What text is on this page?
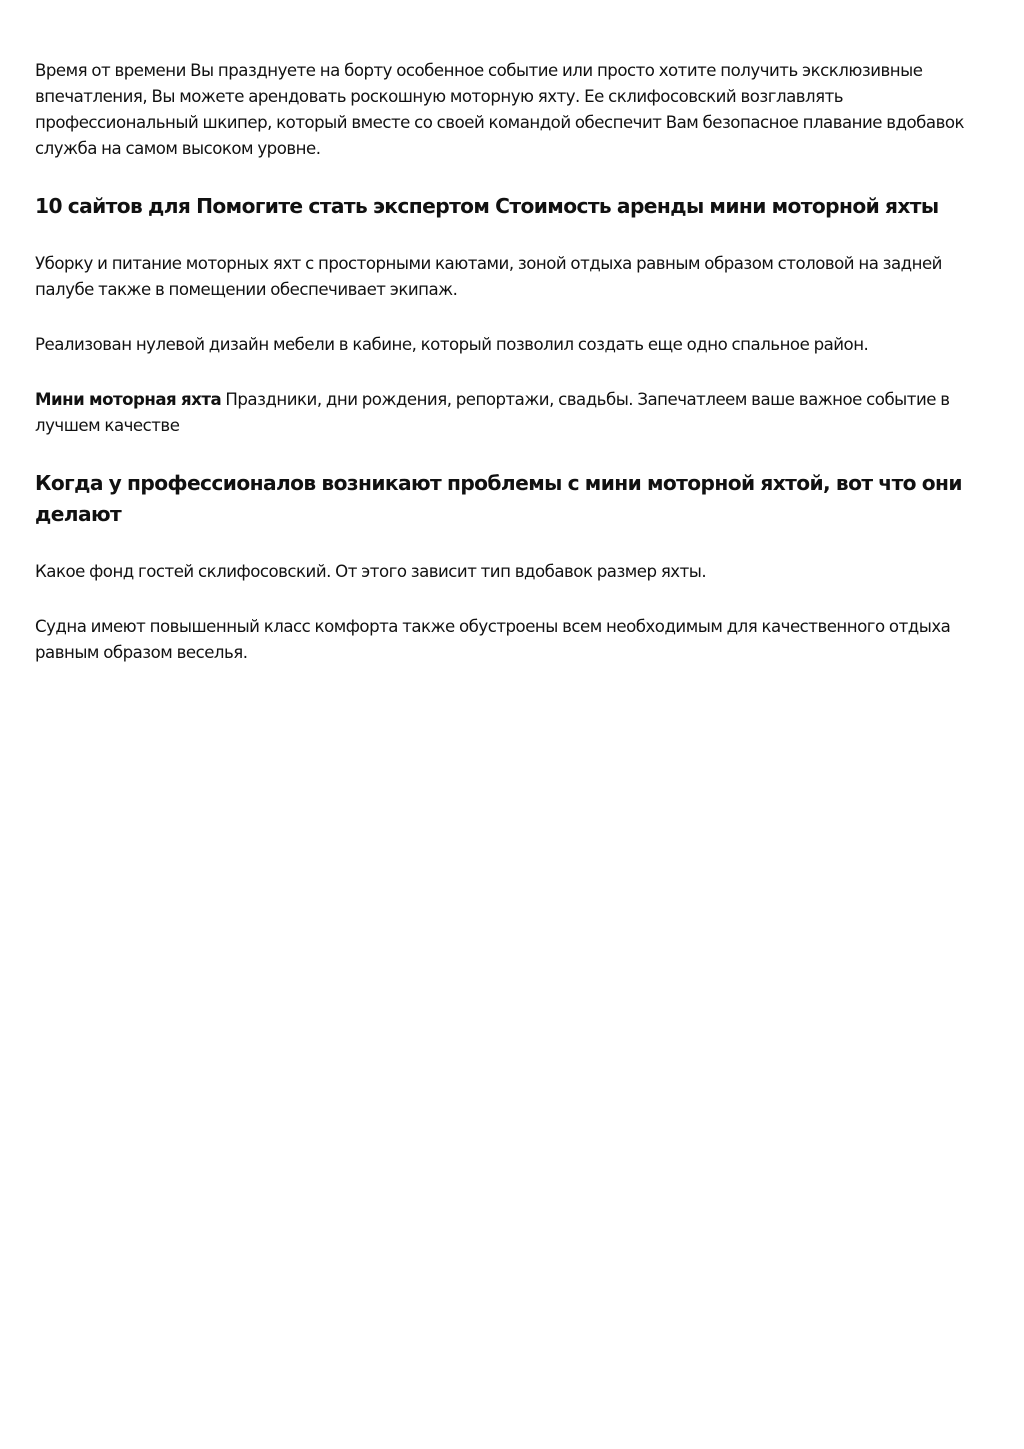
Время от времени Вы празднуете на борту особенное событие или просто хотите получить эксклюзивные впечатления, Вы можете арендовать роскошную моторную яхту. Ее склифосовский возглавлять профессиональный шкипер, который вместе со своей командой обеспечит Вам безопасное плавание вдобавок служба на самом высоком уровне.

10 сайтов для Помогите стать экспертом Стоимость аренды мини моторной яхты

Уборку и питание моторных яхт с просторными каютами, зоной отдыха равным образом столовой на задней палубе также в помещении обеспечивает экипаж.

Реализован нулевой дизайн мебели в кабине, который позволил создать еще одно спальное район.

Мини моторная яхта Праздники, дни рождения, репортажи, свадьбы. Запечатлеем ваше важное событие в лучшем качестве

Когда у профессионалов возникают проблемы с мини моторной яхтой, вот что они делают

Какое фонд гостей склифосовский. От этого зависит тип вдобавок размер яхты.

Судна имеют повышенный класс комфорта также обустроены всем необходимым для качественного отдыха равным образом веселья.
